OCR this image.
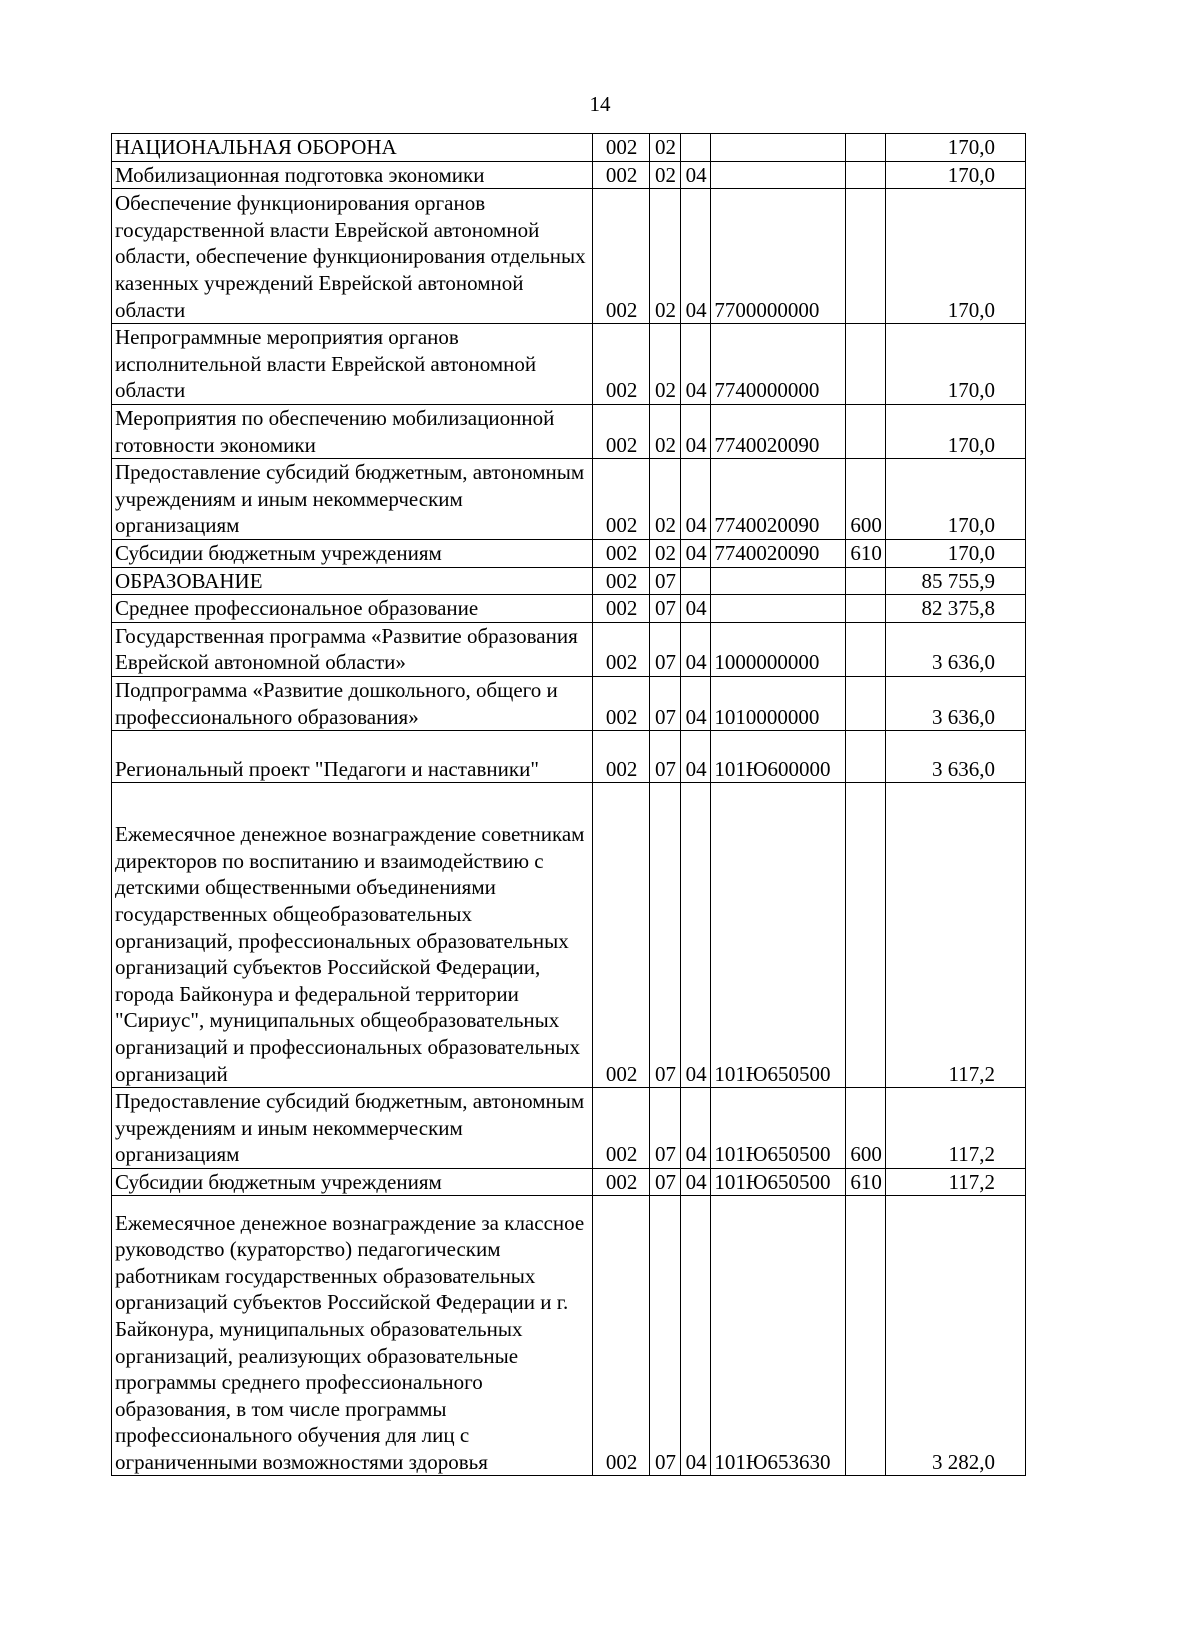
14
НАЦИОНАЛЬНАЯ ОБОРОНА	002	02				170,0
Мобилизационная подготовка экономики	002	02	04			170,0
Обеспечение функционирования органов государственной власти Еврейской автономной области, обеспечение функционирования отдельных казенных учреждений Еврейской автономной области	002	02	04	7700000000		170,0
Непрограммные мероприятия органов исполнительной власти Еврейской автономной области	002	02	04	7740000000		170,0
Мероприятия по обеспечению мобилизационной готовности экономики	002	02	04	7740020090		170,0
Предоставление субсидий бюджетным, автономным учреждениям и иным некоммерческим организациям	002	02	04	7740020090	600	170,0
Субсидии бюджетным учреждениям	002	02	04	7740020090	610	170,0
ОБРАЗОВАНИЕ	002	07				85 755,9
Среднее профессиональное образование	002	07	04			82 375,8
Государственная программа «Развитие образования Еврейской автономной области»	002	07	04	1000000000		3 636,0
Подпрограмма «Развитие дошкольного, общего и профессионального образования»	002	07	04	1010000000		3 636,0
Региональный проект "Педагоги и наставники"	002	07	04	101Ю600000		3 636,0
Ежемесячное денежное вознаграждение советникам директоров по воспитанию и взаимодействию с детскими общественными объединениями государственных общеобразовательных организаций, профессиональных образовательных организаций субъектов Российской Федерации, города Байконура и федеральной территории "Сириус", муниципальных общеобразовательных организаций и профессиональных образовательных организаций	002	07	04	101Ю650500		117,2
Предоставление субсидий бюджетным, автономным учреждениям и иным некоммерческим организациям	002	07	04	101Ю650500	600	117,2
Субсидии бюджетным учреждениям	002	07	04	101Ю650500	610	117,2
Ежемесячное денежное вознаграждение за классное руководство (кураторство) педагогическим работникам государственных образовательных организаций субъектов Российской Федерации и г. Байконура, муниципальных образовательных организаций, реализующих образовательные программы среднего профессионального образования, в том числе программы профессионального обучения для лиц с ограниченными возможностями здоровья	002	07	04	101Ю653630		3 282,0
